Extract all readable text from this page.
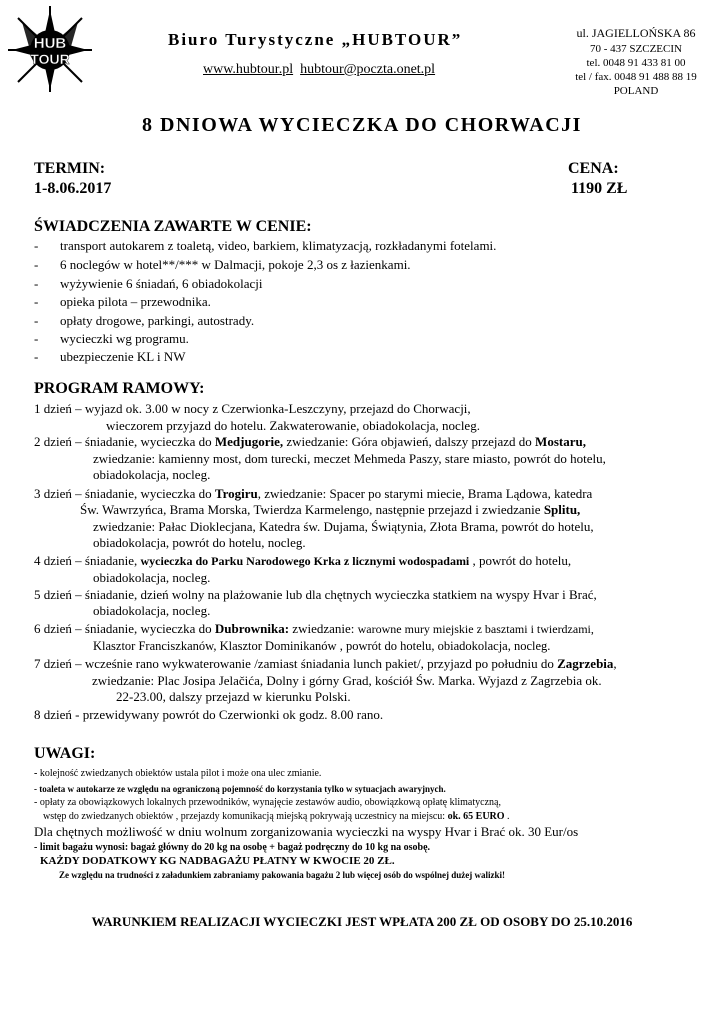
HUB
TOUR
Biuro Turystyczne „HUBTOUR”
www.hubtour.pl hubtour@poczta.onet.pl
ul. JAGIELLOŃSKA 86
70 - 437 SZCZECIN
tel. 0048 91 433 81 00
tel / fax. 0048 91 488 88 19
POLAND
8 DNIOWA WYCIECZKA DO CHORWACJI
TERMIN:
1-8.06.2017
CENA:
1190 ZŁ
ŚWIADCZENIA ZAWARTE W CENIE:
- transport autokarem z toaletą, video, barkiem, klimatyzacją, rozkładanymi fotelami.
- 6 noclegów w hotel**/*** w Dalmacji, pokoje 2,3 os z łazienkami.
- wyżywienie 6 śniadań, 6 obiadokolacji
- opieka pilota – przewodnika.
- opłaty drogowe, parkingi, autostrady.
- wycieczki wg programu.
- ubezpieczenie KL i NW
PROGRAM RAMOWY:
1 dzień – wyjazd ok. 3.00 w nocy z Czerwionka-Leszczyny, przejazd do Chorwacji,
wieczorem przyjazd do hotelu. Zakwaterowanie, obiadokolacja, nocleg.
2 dzień – śniadanie, wycieczka do Medjugorie, zwiedzanie: Góra objawień, dalszy przejazd do Mostaru,
zwiedzanie: kamienny most, dom turecki, meczet Mehmeda Paszy, stare miasto, powrót do hotelu,
obiadokolacja, nocleg.
3 dzień – śniadanie, wycieczka do Trogiru, zwiedzanie: Spacer po starymi miecie, Brama Lądowa, katedra
Św. Wawrzyńca, Brama Morska, Twierdza Karmelengo, następnie przejazd i zwiedzanie Splitu,
zwiedzanie: Pałac Dioklecjana, Katedra św. Dujama, Świątynia, Złota Brama, powrót do hotelu,
obiadokolacja, powrót do hotelu, nocleg.
4 dzień – śniadanie, wycieczka do Parku Narodowego Krka z licznymi wodospadami , powrót do hotelu,
obiadokolacja, nocleg.
5 dzień – śniadanie, dzień wolny na plażowanie lub dla chętnych wycieczka statkiem na wyspy Hvar i Brać,
obiadokolacja, nocleg.
6 dzień – śniadanie, wycieczka do Dubrownika: zwiedzanie: warowne mury miejskie z basztami i twierdzami,
Klasztor Franciszkanów, Klasztor Dominikanów , powrót do hotelu, obiadokolacja, nocleg.
7 dzień – wcześnie rano wykwaterowanie /zamiast śniadania lunch pakiet/, przyjazd po południu do Zagrzebia,
zwiedzanie: Plac Josipa Jelačića, Dolny i górny Grad, kościół Św. Marka. Wyjazd z Zagrzebia ok.
22-23.00, dalszy przejazd w kierunku Polski.
8 dzień - przewidywany powrót do Czerwionki ok godz. 8.00 rano.
UWAGI:
- kolejność zwiedzanych obiektów ustala pilot i może ona ulec zmianie.
- toaleta w autokarze ze względu na ograniczoną pojemność do korzystania tylko w sytuacjach awaryjnych.
- opłaty za obowiązkowych lokalnych przewodników, wynajęcie zestawów audio, obowiązkową opłatę klimatyczną,
wstęp do zwiedzanych obiektów , przejazdy komunikacją miejską pokrywają uczestnicy na miejscu: ok. 65 EURO .
Dla chętnych możliwość w dniu wolnum zorganizowania wycieczki na wyspy Hvar i Brać ok. 30 Eur/os
- limit bagażu wynosi: bagaż główny do 20 kg na osobę + bagaż podręczny do 10 kg na osobę.
KAŻDY DODATKOWY KG NADBAGAŻU PŁATNY W KWOCIE 20 ZŁ.
Ze względu na trudności z załadunkiem zabraniamy pakowania bagażu 2 lub więcej osób do wspólnej dużej walizki!
WARUNKIEM REALIZACJI WYCIECZKI JEST WPŁATA 200 ZŁ OD OSOBY DO 25.10.2016
